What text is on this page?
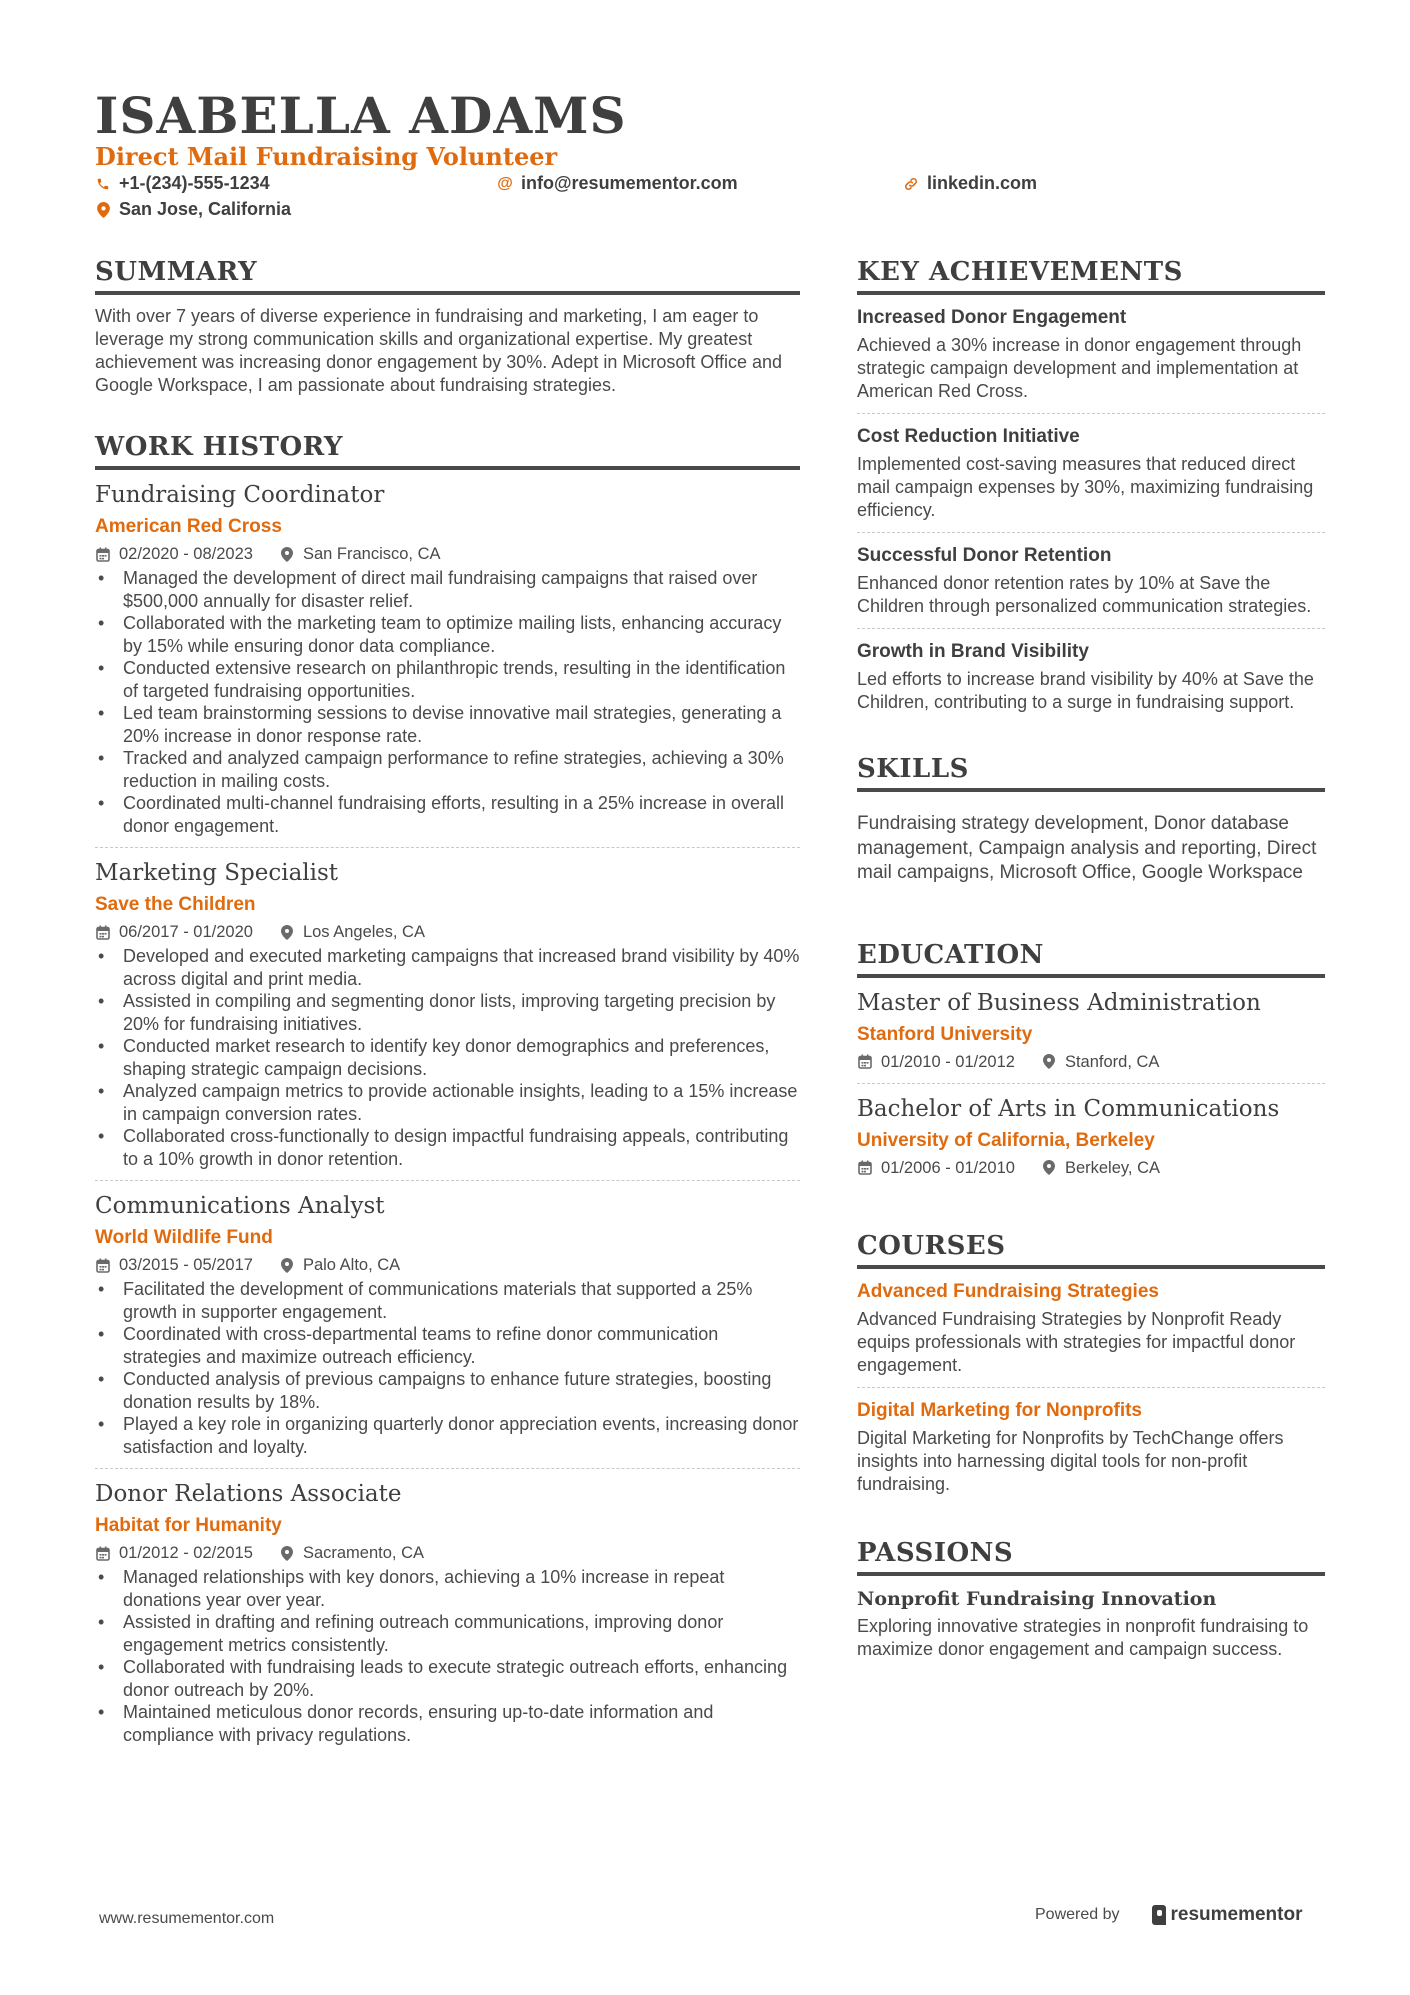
ISABELLA ADAMS
Direct Mail Fundraising Volunteer
+1-(234)-555-1234	@ info@resumementor.com	linkedin.com
San Jose, California
SUMMARY

With over 7 years of diverse experience in fundraising and marketing, I am eager to leverage my strong communication skills and organizational expertise. My greatest achievement was increasing donor engagement by 30%. Adept in Microsoft Office and Google Workspace, I am passionate about fundraising strategies.

WORK HISTORY
Fundraising Coordinator
American Red Cross
02/2020 - 08/2023	San Francisco, CA
• Managed the development of direct mail fundraising campaigns that raised over $500,000 annually for disaster relief.
• Collaborated with the marketing team to optimize mailing lists, enhancing accuracy by 15% while ensuring donor data compliance.
• Conducted extensive research on philanthropic trends, resulting in the identification of targeted fundraising opportunities.
• Led team brainstorming sessions to devise innovative mail strategies, generating a 20% increase in donor response rate.
• Tracked and analyzed campaign performance to refine strategies, achieving a 30% reduction in mailing costs.
• Coordinated multi-channel fundraising efforts, resulting in a 25% increase in overall donor engagement.
Marketing Specialist
Save the Children
06/2017 - 01/2020	Los Angeles, CA
• Developed and executed marketing campaigns that increased brand visibility by 40% across digital and print media.
• Assisted in compiling and segmenting donor lists, improving targeting precision by 20% for fundraising initiatives.
• Conducted market research to identify key donor demographics and preferences, shaping strategic campaign decisions.
• Analyzed campaign metrics to provide actionable insights, leading to a 15% increase in campaign conversion rates.
• Collaborated cross-functionally to design impactful fundraising appeals, contributing to a 10% growth in donor retention.
Communications Analyst
World Wildlife Fund
03/2015 - 05/2017	Palo Alto, CA
• Facilitated the development of communications materials that supported a 25% growth in supporter engagement.
• Coordinated with cross-departmental teams to refine donor communication strategies and maximize outreach efficiency.
• Conducted analysis of previous campaigns to enhance future strategies, boosting donation results by 18%.
• Played a key role in organizing quarterly donor appreciation events, increasing donor satisfaction and loyalty.
Donor Relations Associate
Habitat for Humanity
01/2012 - 02/2015	Sacramento, CA
• Managed relationships with key donors, achieving a 10% increase in repeat donations year over year.
• Assisted in drafting and refining outreach communications, improving donor engagement metrics consistently.
• Collaborated with fundraising leads to execute strategic outreach efforts, enhancing donor outreach by 20%.
• Maintained meticulous donor records, ensuring up-to-date information and compliance with privacy regulations.
KEY ACHIEVEMENTS
Increased Donor Engagement

Achieved a 30% increase in donor engagement through strategic campaign development and implementation at American Red Cross.

Cost Reduction Initiative

Implemented cost-saving measures that reduced direct mail campaign expenses by 30%, maximizing fundraising efficiency.

Successful Donor Retention

Enhanced donor retention rates by 10% at Save the Children through personalized communication strategies.

Growth in Brand Visibility

Led efforts to increase brand visibility by 40% at Save the Children, contributing to a surge in fundraising support.

SKILLS

Fundraising strategy development, Donor database management, Campaign analysis and reporting, Direct mail campaigns, Microsoft Office, Google Workspace

EDUCATION
Master of Business Administration
Stanford University
01/2010 - 01/2012	Stanford, CA
Bachelor of Arts in Communications
University of California, Berkeley
01/2006 - 01/2010	Berkeley, CA
COURSES
Advanced Fundraising Strategies

Advanced Fundraising Strategies by Nonprofit Ready equips professionals with strategies for impactful donor engagement.

Digital Marketing for Nonprofits

Digital Marketing for Nonprofits by TechChange offers insights into harnessing digital tools for non-profit fundraising.

PASSIONS
Nonprofit Fundraising Innovation

Exploring innovative strategies in nonprofit fundraising to maximize donor engagement and campaign success.

www.resumementor.com	Powered by	resumementor
